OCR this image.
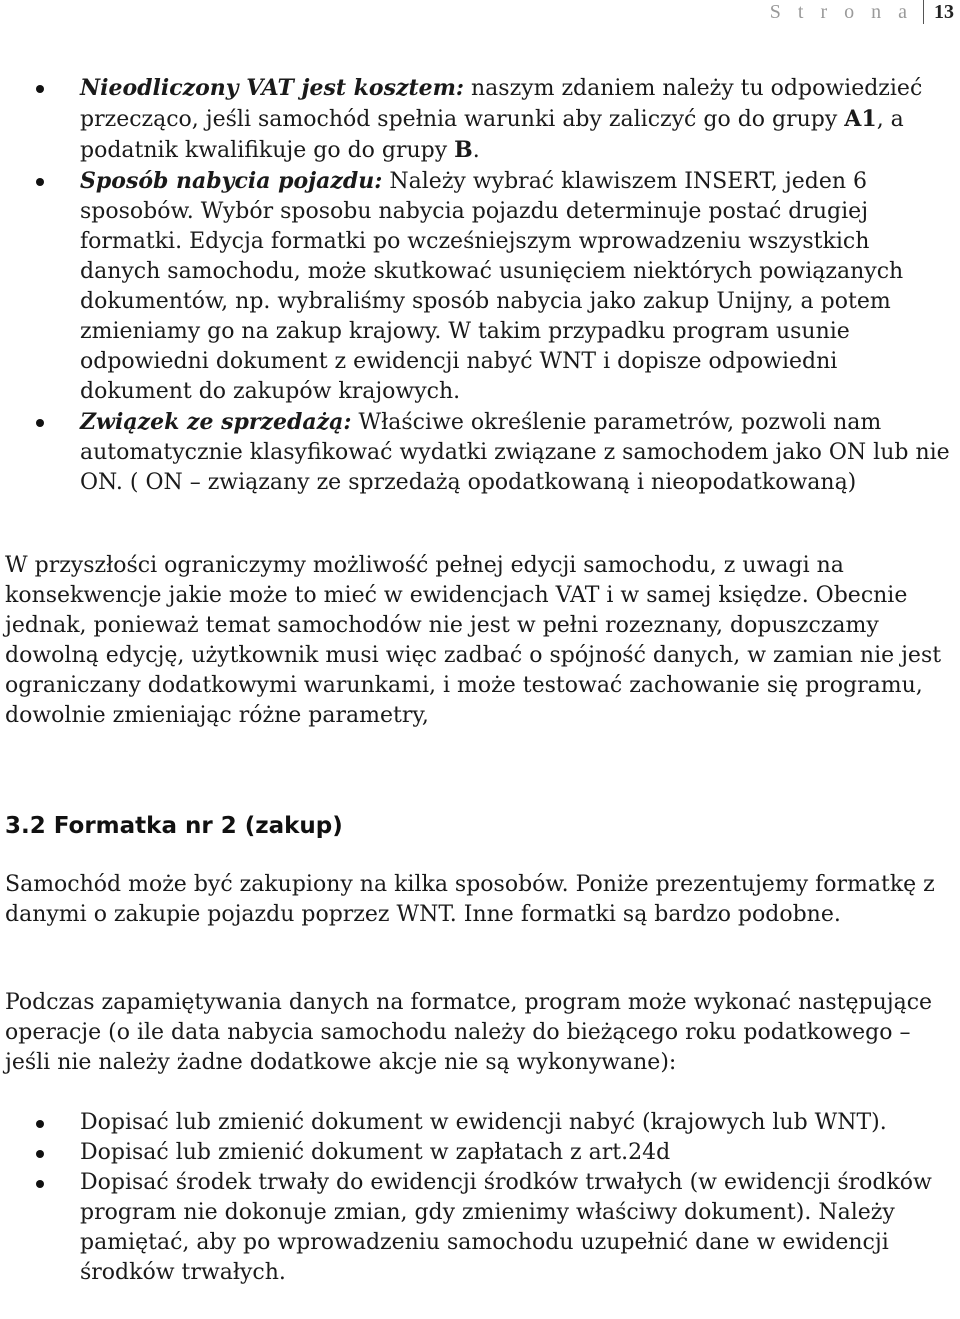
S t r o n a	13
Nieodliczony VAT jest kosztem: naszym zdaniem należy tu odpowiedzieć przecząco, jeśli samochód spełnia warunki aby zaliczyć go do grupy A1, a podatnik kwalifikuje go do grupy B.
Sposób nabycia pojazdu: Należy wybrać klawiszem INSERT, jeden 6 sposobów. Wybór sposobu nabycia pojazdu determinuje postać drugiej formatki. Edycja formatki po wcześniejszym wprowadzeniu wszystkich danych samochodu, może skutkować usunięciem niektórych powiązanych dokumentów, np. wybraliśmy sposób nabycia jako zakup Unijny, a potem zmieniamy go na zakup krajowy. W takim przypadku program usunie odpowiedni dokument z ewidencji nabyć WNT i dopisze odpowiedni dokument do zakupów krajowych.
Związek ze sprzedażą: Właściwe określenie parametrów, pozwoli nam automatycznie klasyfikować wydatki związane z samochodem jako ON lub nie ON. ( ON – związany ze sprzedażą opodatkowaną i nieopodatkowaną)

W przyszłości ograniczymy możliwość pełnej edycji samochodu, z uwagi na konsekwencje jakie może to mieć w ewidencjach VAT i w samej księdze. Obecnie jednak, ponieważ temat samochodów nie jest w pełni rozeznany, dopuszczamy dowolną edycję, użytkownik musi więc zadbać o spójność danych, w zamian nie jest ograniczany dodatkowymi warunkami, i może testować zachowanie się programu, dowolnie zmieniając różne parametry,

3.2 Formatka nr 2 (zakup)

Samochód może być zakupiony na kilka sposobów. Poniże prezentujemy formatkę z danymi o zakupie pojazdu poprzez WNT. Inne formatki są bardzo podobne.

Podczas zapamiętywania danych na formatce, program może wykonać następujące operacje (o ile data nabycia samochodu należy do bieżącego roku podatkowego – jeśli nie należy żadne dodatkowe akcje nie są wykonywane):

Dopisać lub zmienić dokument w ewidencji nabyć (krajowych lub WNT).
Dopisać lub zmienić dokument w zapłatach z art.24d
Dopisać środek trwały do ewidencji środków trwałych (w ewidencji środków program nie dokonuje zmian, gdy zmienimy właściwy dokument). Należy pamiętać, aby po wprowadzeniu samochodu uzupełnić dane w ewidencji środków trwałych.
